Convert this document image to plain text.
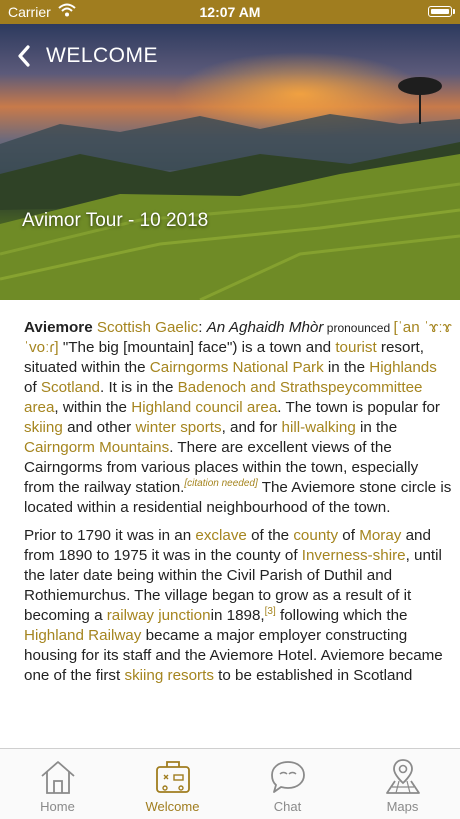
Carrier	12:07 AM
WELCOME
Avimor Tour - 10 2018

Aviemore Scottish Gaelic: An Aghaidh Mhòr pronounced [ˈan ˈɤːɤ ˈvoːɾ] "The big [mountain] face") is a town and tourist resort, situated within the Cairngorms National Park in the Highlands of Scotland. It is in the Badenoch and Strathspeycommittee area, within the Highland council area. The town is popular for skiing and other winter sports, and for hill-walking in the Cairngorm Mountains. There are excellent views of the Cairngorms from various places within the town, especially from the railway station.[citation needed] The Aviemore stone circle is located within a residential neighbourhood of the town.

Prior to 1790 it was in an exclave of the county of Moray and from 1890 to 1975 it was in the county of Inverness-shire, until the later date being within the Civil Parish of Duthil and Rothiemurchus. The village began to grow as a result of it becoming a railway junctionin 1898,[3] following which the Highland Railway became a major employer constructing housing for its staff and the Aviemore Hotel. Aviemore became one of the first skiing resorts to be established in Scotland

Home	Welcome	Chat	Maps
